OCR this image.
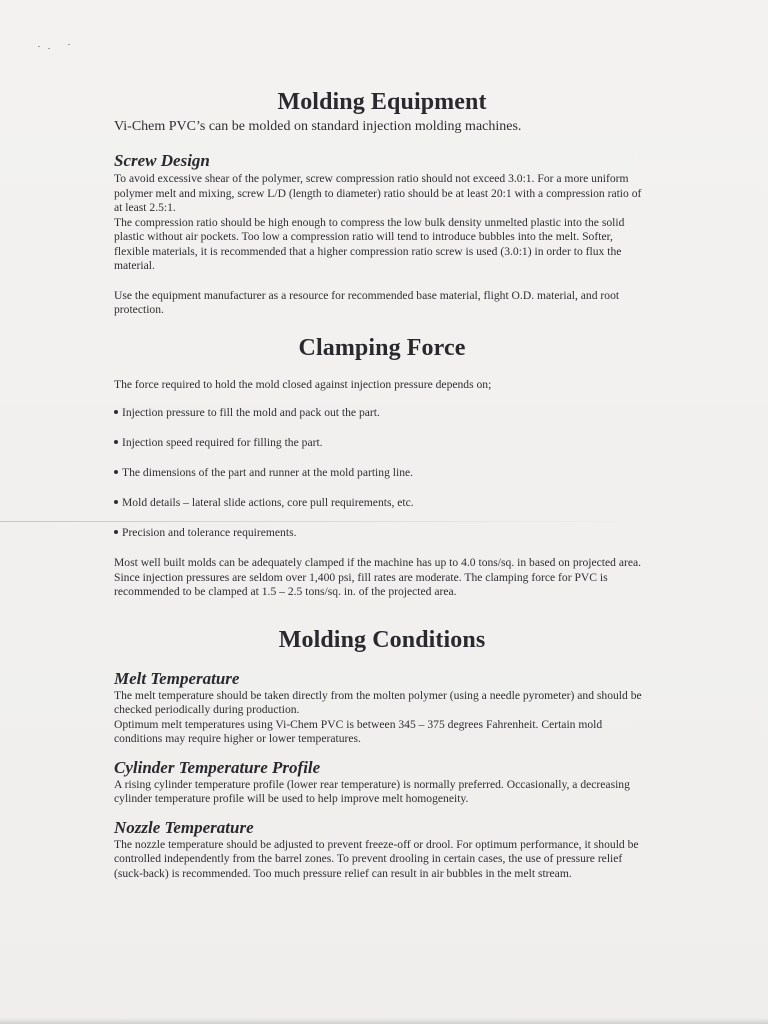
Molding Equipment

Vi-Chem PVC’s can be molded on standard injection molding machines.

Screw Design

To avoid excessive shear of the polymer, screw compression ratio should not exceed 3.0:1. For a more uniform polymer melt and mixing, screw L/D (length to diameter) ratio should be at least 20:1 with a compression ratio of at least 2.5:1.

The compression ratio should be high enough to compress the low bulk density unmelted plastic into the solid plastic without air pockets. Too low a compression ratio will tend to introduce bubbles into the melt. Softer, flexible materials, it is recommended that a higher compression ratio screw is used (3.0:1) in order to flux the material.

Use the equipment manufacturer as a resource for recommended base material, flight O.D. material, and root protection.

Clamping Force

The force required to hold the mold closed against injection pressure depends on;

Injection pressure to fill the mold and pack out the part.
Injection speed required for filling the part.
The dimensions of the part and runner at the mold parting line.
Mold details – lateral slide actions, core pull requirements, etc.
Precision and tolerance requirements.

Most well built molds can be adequately clamped if the machine has up to 4.0 tons/sq. in based on projected area. Since injection pressures are seldom over 1,400 psi, fill rates are moderate. The clamping force for PVC is recommended to be clamped at 1.5 – 2.5 tons/sq. in. of the projected area.

Molding Conditions
Melt Temperature

The melt temperature should be taken directly from the molten polymer (using a needle pyrometer) and should be checked periodically during production.

Optimum melt temperatures using Vi-Chem PVC is between 345 – 375 degrees Fahrenheit. Certain mold conditions may require higher or lower temperatures.

Cylinder Temperature Profile

A rising cylinder temperature profile (lower rear temperature) is normally preferred. Occasionally, a decreasing cylinder temperature profile will be used to help improve melt homogeneity.

Nozzle Temperature

The nozzle temperature should be adjusted to prevent freeze-off or drool. For optimum performance, it should be controlled independently from the barrel zones. To prevent drooling in certain cases, the use of pressure relief (suck-back) is recommended. Too much pressure relief can result in air bubbles in the melt stream.
